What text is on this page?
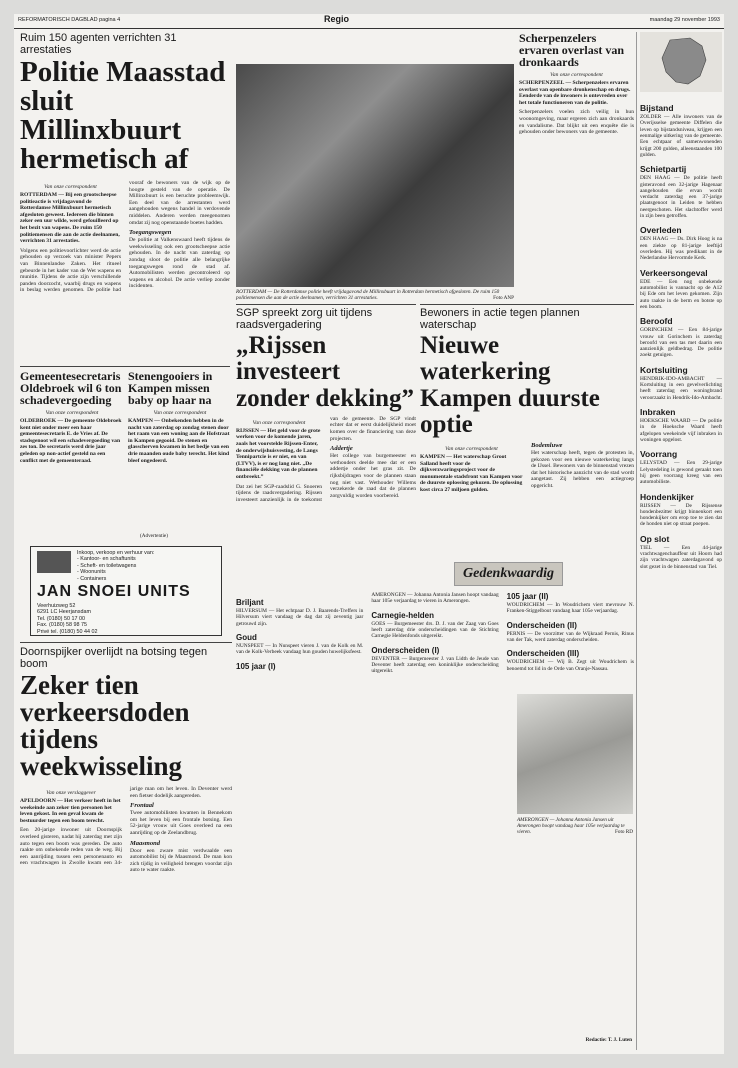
REFORMATORISCH DAGBLAD pagina 4	Regio	maandag 29 november 1993
Ruim 150 agenten verrichten 31 arrestaties
Politie Maasstad sluit Millinxbuurt hermetisch af
Van onze correspondent

ROTTERDAM — Bij een grootscheepse politieactie is vrijdagavond de Rotterdamse Millinxbuurt hermetisch afgesloten geweest. Iedereen die binnen zeker een uur wilde, werd gefouilleerd op het bezit van wapens. De ruim 150 politiemensen die aan de actie deelnamen, verrichten 31 arrestaties.

Volgens een politievoorlichter werd de actie gehouden op verzoek van minister Pepers van Binnenlandse Zaken. Het ritueel gebeurde in het kader van de Wet wapens en munitie. Tijdens de actie zijn verschillende panden doorzocht, waarbij drugs en wapens in beslag werden genomen. De politie had vooraf de bewoners van de wijk op de hoogte gesteld van de operatie. De Millinxbuurt is een beruchte probleemwijk. Een deel van de arrestanten werd aangehouden wegens handel in verdovende middelen. Anderen werden meegenomen omdat zij nog openstaande boetes hadden.

Toegangswegen

De politie at Valkenswaard heeft tijdens de weekwisseling ook een grootscheepse actie gehouden. In de nacht van zaterdag op zondag sloot de politie alle belangrijke toegangswegen rond de stad af. Automobilisten werden gecontroleerd op wapens en alcohol. De actie verliep zonder incidenten.

ROTTERDAM — De Rotterdamse politie heeft vrijdagavond de Millinxbuurt in Rotterdam hermetisch afgesloten. De ruim 150 politiemensen die aan de actie deelnamen, verrichten 31 arrestaties.	Foto ANP
Scherpenzelers ervaren overlast van dronkaards
Van onze correspondent

SCHERPENZEEL — Scherpenzelers ervaren overlast van openbare dronkenschap en drugs. Eenderde van de inwoners is ontevreden over het totale functioneren van de politie.

Scherpenzelers voelen zich veilig in hun woonomgeving, maar ergeren zich aan dronkaards en vandalisme. Dat blijkt uit een enquête die is gehouden onder bewoners van de gemeente.

Bijstand
ZOLDER — Alle inwoners van de Overijsselse gemeente Diffelen die leven op bijstandsniveau, krijgen een eenmalige uitkering van de gemeente. Een echtpaar of samenwonenden krijgt 200 gulden, alleenstaanden 100 gulden.
Schietpartij
DEN HAAG — De politie heeft gisteravond een 32-jarige Hagenaar aangehouden die ervan wordt verdacht zaterdag een 37-jarige plaatsgenoot in Leiden te hebben neergeschoten. Het slachtoffer werd in zijn been getroffen.
Overleden
DEN HAAG — Ds. Dirk Hoog is na een ziekte op 81-jarige leeftijd overleden. Hij was predikant in de Nederlandse Hervormde Kerk.
Verkeersongeval
EDE — Een nog onbekende automobilist is vannacht op de A12 bij Ede om het leven gekomen. Zijn auto raakte in de berm en botste op een boom.
Beroofd
GORINCHEM — Een 84-jarige vrouw uit Gorinchem is zaterdag beroofd van een tas met daarin een aanzienlijk geldbedrag. De politie zoekt getuigen.
Kortsluiting
HENDRIK-IDO-AMBACHT — Kortsluiting in een gevelverlichting heeft zaterdag een woningbrand veroorzaakt in Hendrik-Ido-Ambacht.
Inbraken
HOEKSCHE WAARD — De politie in de Hoeksche Waard heeft afgelopen weekeinde vijf inbraken in woningen opgelost.
Voorrang
LELYSTAD — Een 29-jarige Lelystedeling is gewond geraakt toen hij geen voorrang kreeg van een automobiliste.
Hondenkijker
RIJSSEN — De Rijssense hondenbezitter krijgt binnenkort een hondenkijker om erop toe te zien dat de honden niet op straat poepen.
Op slot
TIEL — Een 44-jarige vrachtwagenchauffeur uit Hoorn had zijn vrachtwagen zaterdagavond op slot gezet in de binnenstad van Tiel.
Gemeentesecretaris Oldebroek wil 6 ton schadevergoeding
Van onze correspondent

OLDEBROEK — De gemeente Oldebroek kent niet onder meer een haar gemeentesecretaris E. de Vries af. De stadsgenoot wil een schadevergoeding van zes ton. De secretaris werd drie jaar geleden op non-actief gesteld na een conflict met de gemeenteraad.

Stenengooiers in Kampen missen baby op haar na
Van onze correspondent

KAMPEN — Onbekenden hebben in de nacht van zaterdag op zondag stenen door het raam van een woning aan de Hofstraat in Kampen gegooid. De stenen en glasscherven kwamen in het bedje van een drie maanden oude baby terecht. Het kind bleef ongedeerd.

(Advertentie)
Inkoop, verkoop en verhuur van:
- Kantoor- en schaftunits
- Scheft- en toiletwagens
- Woonunits
- Containers
JAN SNOEI UNITS
Veerhuizweg 52
6291 LC Heerjansdam
Tel. (0180) 50 17 00
Fax. (0180) 58 98 75
Privé tel. (0180) 50 44 02
SGP spreekt zorg uit tijdens raadsvergadering
„Rijssen investeert zonder dekking”
Van onze correspondent

RIJSSEN — Het geld voor de grote werken voor de komende jaren, zoals het voorstelde Rijssen-Enter, de onderwijshuisvesting, de Langs Tennipartcie is er niet, en van (LTVV), is er nog lang niet. „De financiële dekking van de plannen ontbreekt.”

Dat zei het SGP-raadslid G. Snoeren tijdens de raadsvergadering. Rijssen investeert aanzienlijk in de toekomst van de gemeente. De SGP vindt echter dat er eerst duidelijkheid moet komen over de financiering van deze projecten.

Addertje

Het college van burgemeester en wethouders deelde mee dat er een addertje onder het gras zit. De rijksbijdragen voor de plannen staan nog niet vast. Wethouder Willems verzekerde de raad dat de plannen zorgvuldig worden voorbereid.

Bewoners in actie tegen plannen waterschap
Nieuwe waterkering Kampen duurste optie
Van onze correspondent

KAMPEN — Het waterschap Groot Salland heeft voor de dijkverzwaringsproject voor de monumentale stadsfront van Kampen voor de duurste oplossing gekozen. De oplossing kost circa 27 miljoen gulden.

Bodemluwe

Het waterschap heeft, tegen de protesten in, gekozen voor een nieuwe waterkering langs de IJssel. Bewoners van de binnenstad vrezen dat het historische aanzicht van de stad wordt aangetast. Zij hebben een actiegroep opgericht.

Gedenkwaardig
Briljant
HILVERSUM — Het echtpaar D. J. Baarends-Treffers in Hilversum viert vandaag de dag dat zij zeventig jaar getrouwd zijn.
Goud
NUNSPEET — In Nunspeet vieren J. van de Kolk en M. van de Kolk-Verbeek vandaag hun gouden huwelijksfeest.
105 jaar (I)
AMERONGEN — Johanna Antonia Jansen hoopt vandaag haar 105e verjaardag te vieren in Amerongen.
Carnegie-helden
GOES — Burgemeester drs. D. J. van der Zaag van Goes heeft zaterdag drie onderscheidingen van de Stichting Carnegie Heldenfonds uitgereikt.
Onderscheiden (I)
DEVENTER — Burgemeester J. van Lidth de Jeude van Deventer heeft zaterdag een koninklijke onderscheiding uitgereikt.
105 jaar (II)
WOUDRICHEM — In Woudrichem viert mevrouw N. Franken-Stiggelbout vandaag haar 105e verjaardag.
Onderscheiden (II)
PERNIS — De voorzitter van de Wijkraad Pernis, Rinus van der Tak, werd zaterdag onderscheiden.
Onderscheiden (III)
WOUDRICHEM — Wij B. Zegt uit Woudrichem is benoemd tot lid in de Orde van Oranje-Nassau.
AMERONGEN — Johanna Antonia Jansen uit Amerongen hoopt vandaag haar 105e verjaardag te vieren.	Foto RD
Redactie: T. J. Luten
Doornspijker overlijdt na botsing tegen boom
Zeker tien verkeersdoden tijdens weekwisseling
Van onze verslaggever

APELDOORN — Het verkeer heeft in het weekeinde aan zeker tien personen het leven gekost. In een geval kwam de bestuurder tegen een boom terecht.

Een 20-jarige inwoner uit Doornspijk overleed gisteren, nadat hij zaterdag met zijn auto tegen een boom was gereden. De auto raakte om onbekende reden van de weg. Bij een aanrijding tussen een personenauto en een vrachtwagen in Zwolle kwam een 34-jarige man om het leven. In Deventer werd een fietser dodelijk aangereden.

Frontaal

Twee automobilisten kwamen in Bennekom om het leven bij een frontale botsing. Een 52-jarige vrouw uit Goes overleed na een aanrijding op de Zeelandbrug.

Maasmond

Door een zware mist verdwaalde een automobilist bij de Maasmond. De man kon zich tijdig in veiligheid brengen voordat zijn auto te water raakte.
